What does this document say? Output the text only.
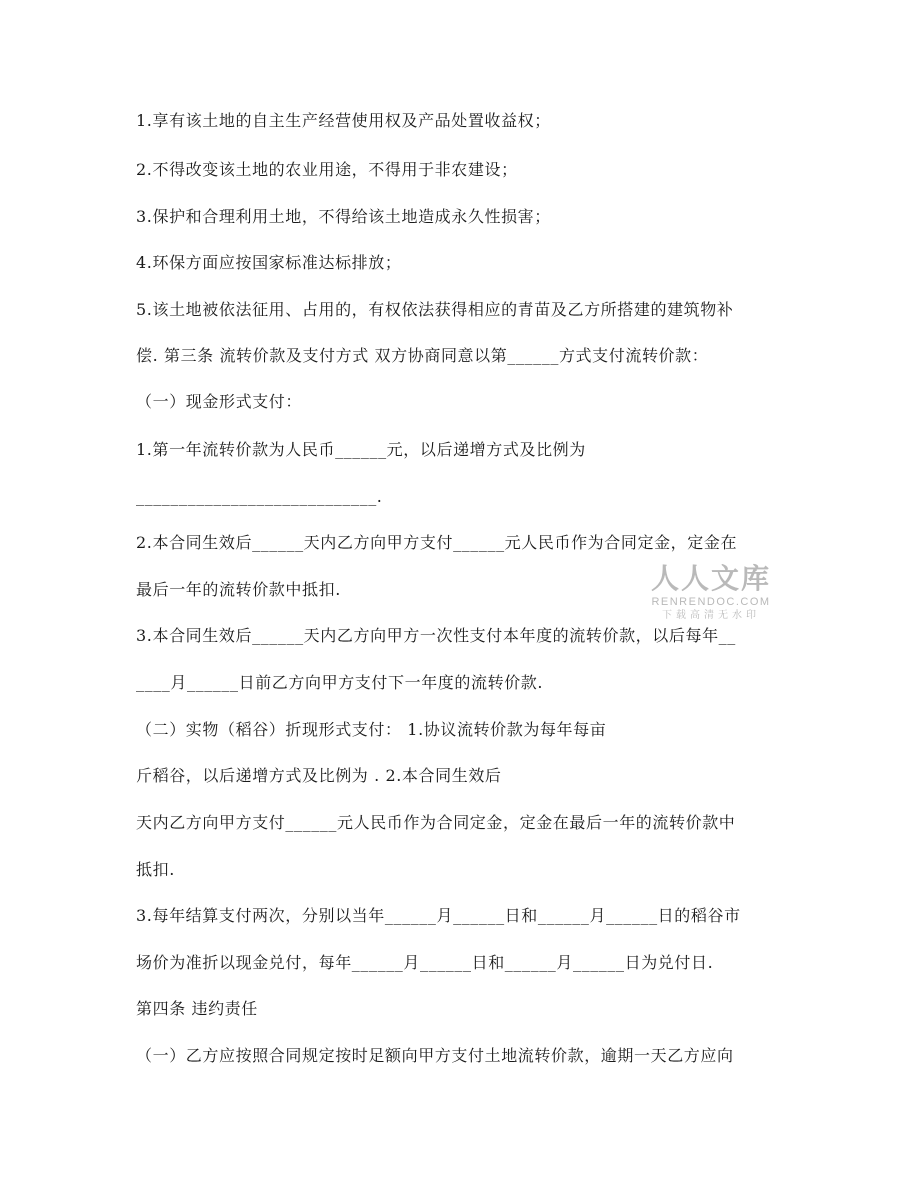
1.享有该土地的自主生产经营使用权及产品处置收益权；
2.不得改变该土地的农业用途，不得用于非农建设；
3.保护和合理利用土地，不得给该土地造成永久性损害；
4.环保方面应按国家标准达标排放；
5.该土地被依法征用、占用的，有权依法获得相应的青苗及乙方所搭建的建筑物补
偿. 第三条 流转价款及支付方式 双方协商同意以第______方式支付流转价款：
（一）现金形式支付：
1.第一年流转价款为人民币______元，以后递增方式及比例为
____________________________.
2.本合同生效后______天内乙方向甲方支付______元人民币作为合同定金，定金在
最后一年的流转价款中抵扣.
3.本合同生效后______天内乙方向甲方一次性支付本年度的流转价款，以后每年__
____月______日前乙方向甲方支付下一年度的流转价款.
（二）实物（稻谷）折现形式支付： 1.协议流转价款为每年每亩
斤稻谷，以后递增方式及比例为 . 2.本合同生效后
天内乙方向甲方支付______元人民币作为合同定金，定金在最后一年的流转价款中
抵扣.
3.每年结算支付两次，分别以当年______月______日和______月______日的稻谷市
场价为准折以现金兑付，每年______月______日和______月______日为兑付日.
第四条 违约责任
（一）乙方应按照合同规定按时足额向甲方支付土地流转价款，逾期一天乙方应向
人人文库
RENRENDOC.COM
下载高清无水印
